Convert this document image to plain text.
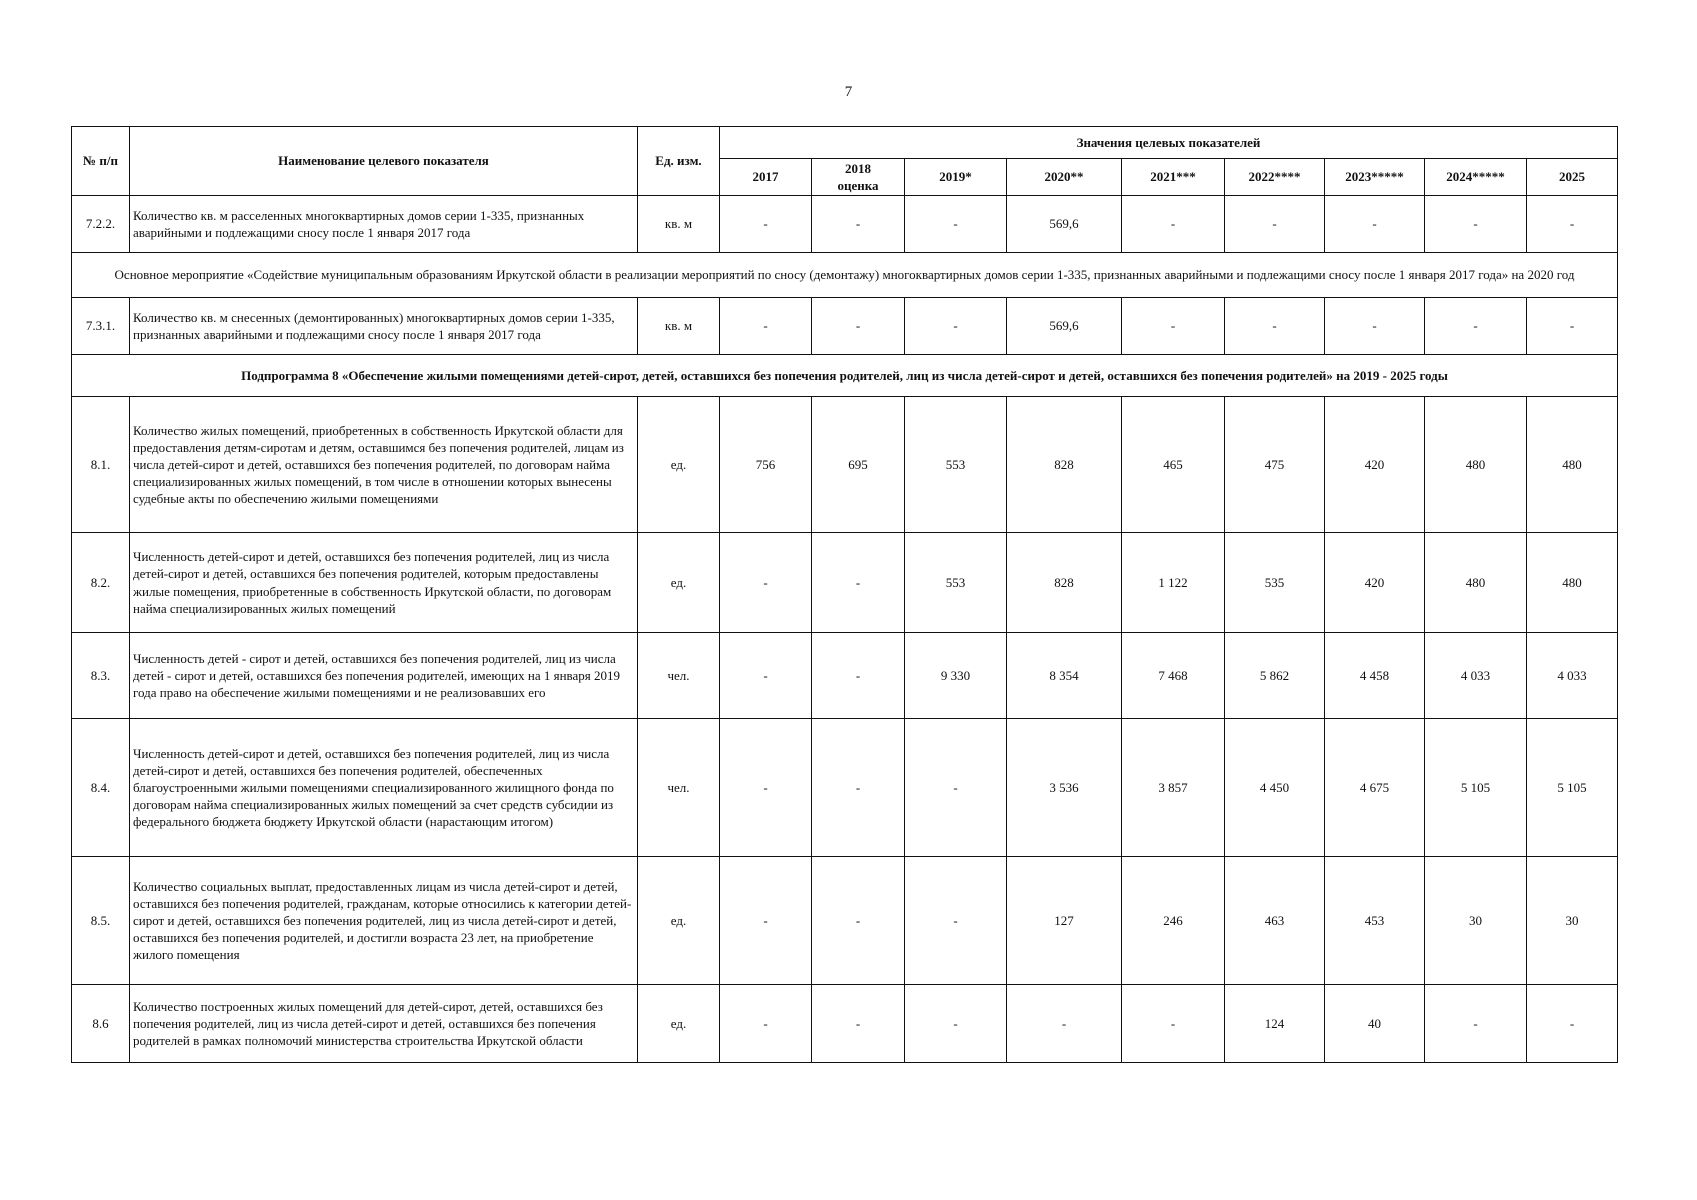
7
№ п/п	Наименование целевого показателя	Ед. изм.	Значения целевых показателей								
			2017	2018 оценка	2019*	2020**	2021***	2022****	2023*****	2024*****	2025
7.2.2.	Количество кв. м расселенных многоквартирных домов серии 1-335, признанных аварийными и подлежащими сносу после 1 января 2017 года	кв. м	-	-	-	569,6	-	-	-	-	-
Основное мероприятие «Содействие муниципальным образованиям Иркутской области в реализации мероприятий по сносу (демонтажу) многоквартирных домов серии 1-335, признанных аварийными и подлежащими сносу после 1 января 2017 года» на 2020 год											
7.3.1.	Количество кв. м снесенных (демонтированных) многоквартирных домов серии 1-335, признанных аварийными и подлежащими сносу после 1 января 2017 года	кв. м	-	-	-	569,6	-	-	-	-	-
Подпрограмма 8 «Обеспечение жилыми помещениями детей-сирот, детей, оставшихся без попечения родителей, лиц из числа детей-сирот и детей, оставшихся без попечения родителей» на 2019 - 2025 годы											
8.1.	Количество жилых помещений, приобретенных в собственность Иркутской области для предоставления детям-сиротам и детям, оставшимся без попечения родителей, лицам из числа детей-сирот и детей, оставшихся без попечения родителей, по договорам найма специализированных жилых помещений, в том числе в отношении которых вынесены судебные акты по обеспечению жилыми помещениями	ед.	756	695	553	828	465	475	420	480	480
8.2.	Численность детей-сирот и детей, оставшихся без попечения родителей, лиц из числа детей-сирот и детей, оставшихся без попечения родителей, которым предоставлены жилые помещения, приобретенные в собственность Иркутской области, по договорам найма специализированных жилых помещений	ед.	-	-	553	828	1 122	535	420	480	480
8.3.	Численность детей - сирот и детей, оставшихся без попечения родителей, лиц из числа детей - сирот и детей, оставшихся без попечения родителей, имеющих на 1 января 2019 года право на обеспечение жилыми помещениями и не реализовавших его	чел.	-	-	9 330	8 354	7 468	5 862	4 458	4 033	4 033
8.4.	Численность детей-сирот и детей, оставшихся без попечения родителей, лиц из числа детей-сирот и детей, оставшихся без попечения родителей, обеспеченных благоустроенными жилыми помещениями специализированного жилищного фонда по договорам найма специализированных жилых помещений за счет средств субсидии из федерального бюджета бюджету Иркутской области (нарастающим итогом)	чел.	-	-	-	3 536	3 857	4 450	4 675	5 105	5 105
8.5.	Количество социальных выплат, предоставленных лицам из числа детей-сирот и детей, оставшихся без попечения родителей, гражданам, которые относились к категории детей-сирот и детей, оставшихся без попечения родителей, лиц из числа детей-сирот и детей, оставшихся без попечения родителей, и достигли возраста 23 лет, на приобретение жилого помещения	ед.	-	-	-	127	246	463	453	30	30
8.6	Количество построенных жилых помещений для детей-сирот, детей, оставшихся без попечения родителей, лиц из числа детей-сирот и детей, оставшихся без попечения родителей в рамках полномочий министерства строительства Иркутской области	ед.	-	-	-	-	-	124	40	-	-
